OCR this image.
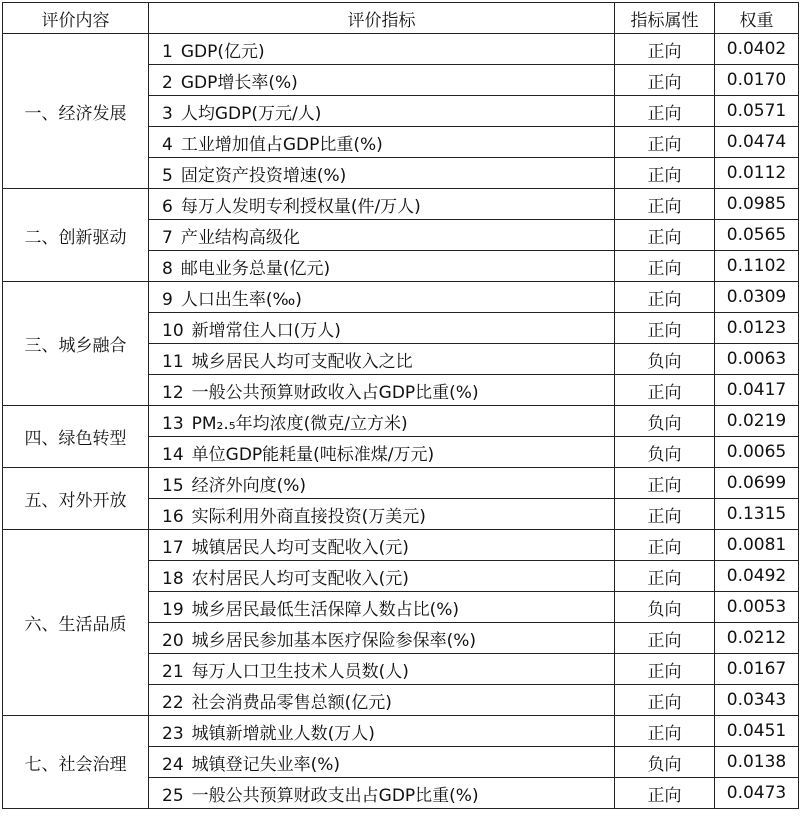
评价内容	评价指标	指标属性	权重
一、经济发展	1 GDP(亿元)	正向	0.0402
	2 GDP增长率(%)	正向	0.0170
	3 人均GDP(万元/人)	正向	0.0571
	4 工业增加值占GDP比重(%)	正向	0.0474
	5 固定资产投资增速(%)	正向	0.0112
二、创新驱动	6 每万人发明专利授权量(件/万人)	正向	0.0985
	7 产业结构高级化	正向	0.0565
	8 邮电业务总量(亿元)	正向	0.1102
三、城乡融合	9 人口出生率(‰)	正向	0.0309
	10 新增常住人口(万人)	正向	0.0123
	11 城乡居民人均可支配收入之比	负向	0.0063
	12 一般公共预算财政收入占GDP比重(%)	正向	0.0417
四、绿色转型	13 PM₂.₅年均浓度(微克/立方米)	负向	0.0219
	14 单位GDP能耗量(吨标准煤/万元)	负向	0.0065
五、对外开放	15 经济外向度(%)	正向	0.0699
	16 实际利用外商直接投资(万美元)	正向	0.1315
六、生活品质	17 城镇居民人均可支配收入(元)	正向	0.0081
	18 农村居民人均可支配收入(元)	正向	0.0492
	19 城乡居民最低生活保障人数占比(%)	负向	0.0053
	20 城乡居民参加基本医疗保险参保率(%)	正向	0.0212
	21 每万人口卫生技术人员数(人)	正向	0.0167
	22 社会消费品零售总额(亿元)	正向	0.0343
七、社会治理	23 城镇新增就业人数(万人)	正向	0.0451
	24 城镇登记失业率(%)	负向	0.0138
	25 一般公共预算财政支出占GDP比重(%)	正向	0.0473
